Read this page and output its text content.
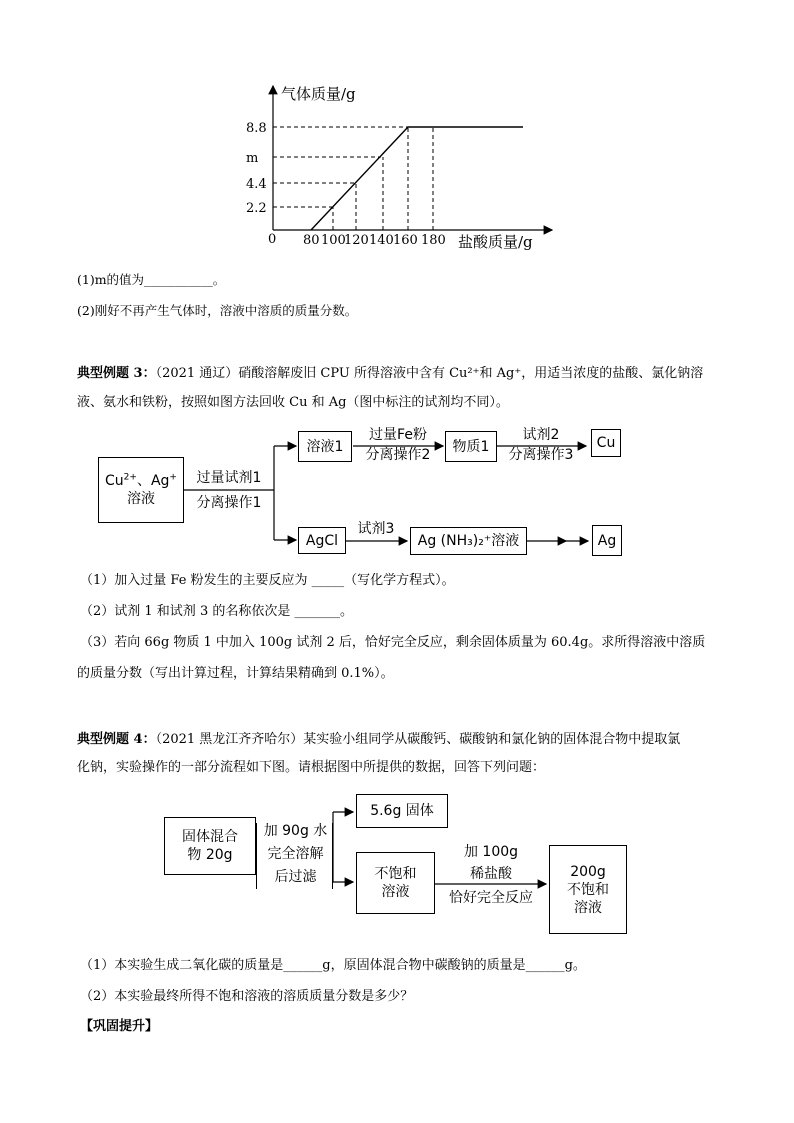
8.8
m
4.4
2.2
80 100
120 140 160 180
气体质量/g
盐酸质量/g
0
(1)m的值为___________。
(2)刚好不再产生气体时，溶液中溶质的质量分数。
典型例题 3：（2021 通辽）硝酸溶解废旧 CPU 所得溶液中含有 Cu²⁺和 Ag⁺，用适当浓度的盐酸、氯化钠溶
液、氨水和铁粉，按照如图方法回收 Cu 和 Ag（图中标注的试剂均不同）。
$Cu^{2+}$、Ag+
溶液
过量试剂1
分离操作1
溶液1
过量Fe粉
分离操作2
物质1
试剂2
分离操作3
Cu
AgCl
试剂3
Ag (NH₃)₂⁺溶液	Ag
（1）加入过量 Fe 粉发生的主要反应为 _____（写化学方程式）。
（2）试剂 1 和试剂 3 的名称依次是 _______。
（3）若向 66g 物质 1 中加入 100g 试剂 2 后，恰好完全反应，剩余固体质量为 60.4g。求所得溶液中溶质
的质量分数（写出计算过程，计算结果精确到 0.1%）。
典型例题 4：（2021 黑龙江齐齐哈尔）某实验小组同学从碳酸钙、碳酸钠和氯化钠的固体混合物中提取氯
化钠，实验操作的一部分流程如下图。请根据图中所提供的数据，回答下列问题：
固体混合
物 20g
加 90g 水
完全溶解
后过滤
5.6g 固体
不饱和
溶液
加 100g
稀盐酸
恰好完全反应
200g
不饱和
溶液
（1）本实验生成二氧化碳的质量是______g，原固体混合物中碳酸钠的质量是______g。
（2）本实验最终所得不饱和溶液的溶质质量分数是多少？
【巩固提升】
